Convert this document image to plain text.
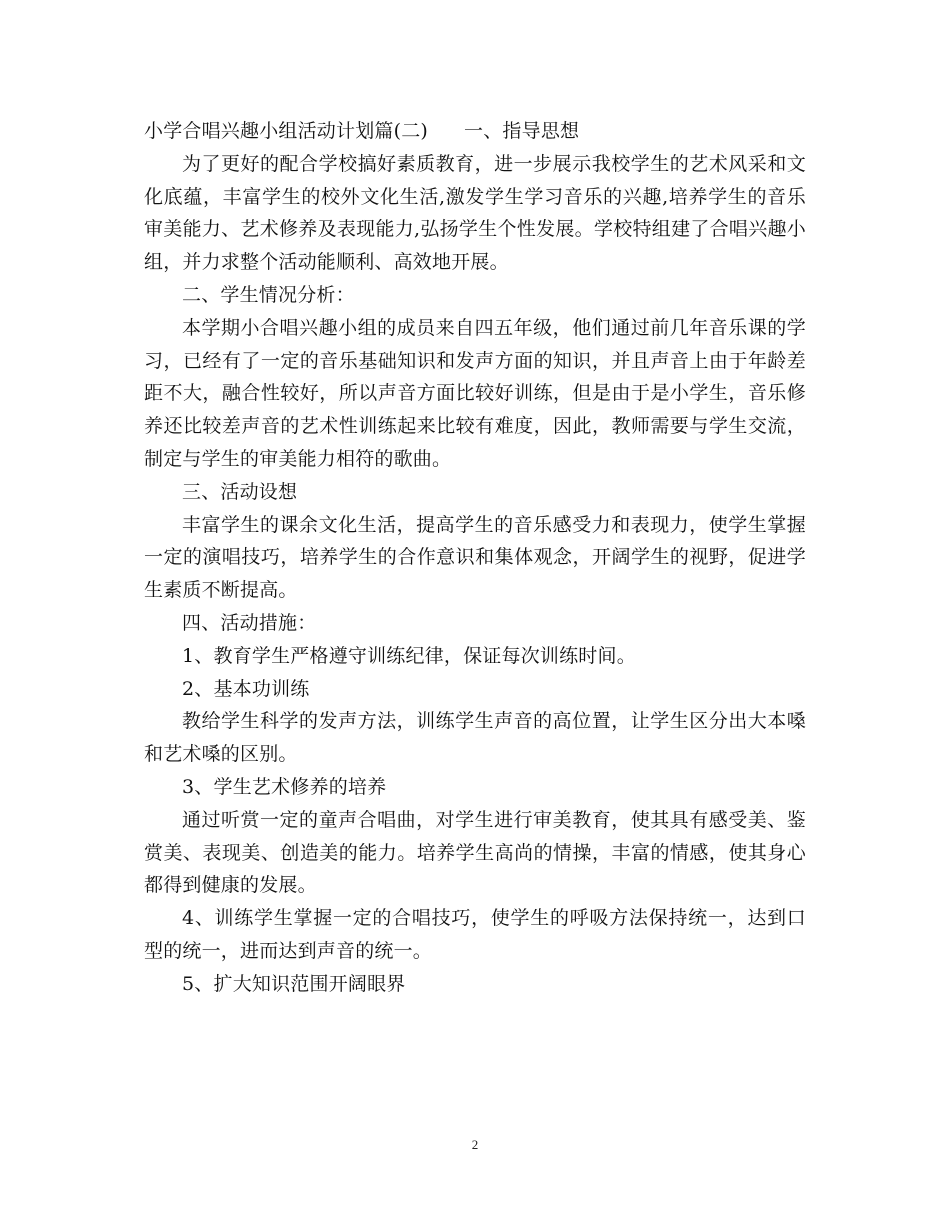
小学合唱兴趣小组活动计划篇(二) 一、指导思想

为了更好的配合学校搞好素质教育，进一步展示我校学生的艺术风采和文化底蕴，丰富学生的校外文化生活,激发学生学习音乐的兴趣,培养学生的音乐审美能力、艺术修养及表现能力,弘扬学生个性发展。学校特组建了合唱兴趣小组，并力求整个活动能顺利、高效地开展。

二、学生情况分析：

本学期小合唱兴趣小组的成员来自四五年级，他们通过前几年音乐课的学习，已经有了一定的音乐基础知识和发声方面的知识，并且声音上由于年龄差距不大，融合性较好，所以声音方面比较好训练，但是由于是小学生，音乐修养还比较差声音的艺术性训练起来比较有难度，因此，教师需要与学生交流，制定与学生的审美能力相符的歌曲。

三、活动设想

丰富学生的课余文化生活，提高学生的音乐感受力和表现力，使学生掌握一定的演唱技巧，培养学生的合作意识和集体观念，开阔学生的视野，促进学生素质不断提高。

四、活动措施：

1、教育学生严格遵守训练纪律，保证每次训练时间。

2、基本功训练

教给学生科学的发声方法，训练学生声音的高位置，让学生区分出大本嗓和艺术嗓的区别。

3、学生艺术修养的培养

通过听赏一定的童声合唱曲，对学生进行审美教育，使其具有感受美、鉴赏美、表现美、创造美的能力。培养学生高尚的情操，丰富的情感，使其身心都得到健康的发展。

4、训练学生掌握一定的合唱技巧，使学生的呼吸方法保持统一，达到口型的统一，进而达到声音的统一。

5、扩大知识范围开阔眼界

2
